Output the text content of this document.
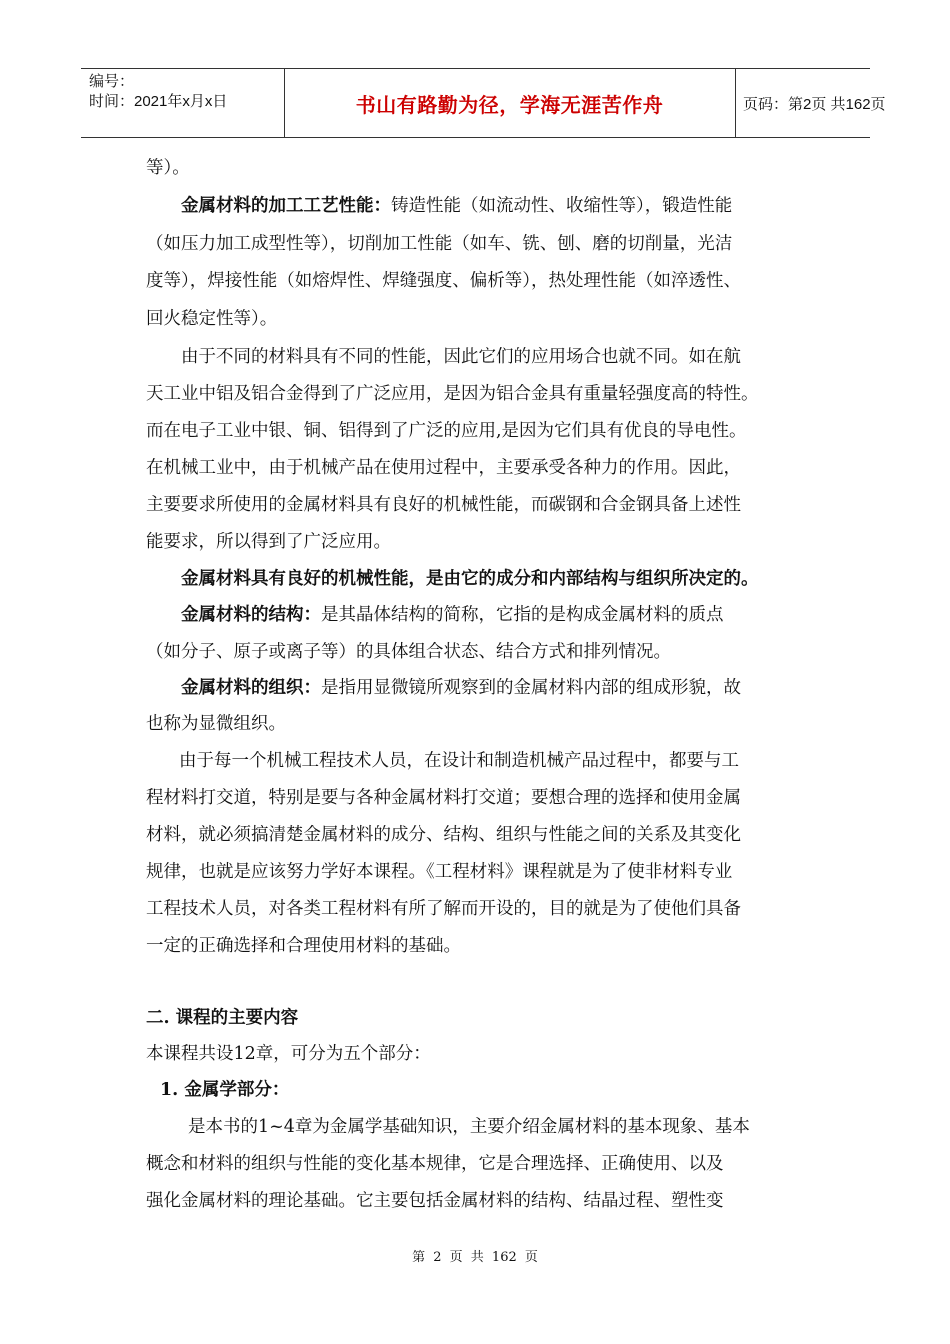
编号：
时间：2021年x月x日	书山有路勤为径，学海无涯苦作舟	页码：第2页 共162页
等）。
金属材料的加工工艺性能：铸造性能（如流动性、收缩性等），锻造性能
（如压力加工成型性等），切削加工性能（如车、铣、刨、磨的切削量，光洁
度等），焊接性能（如熔焊性、焊缝强度、偏析等），热处理性能（如淬透性、
回火稳定性等）。
由于不同的材料具有不同的性能，因此它们的应用场合也就不同。如在航
天工业中铝及铝合金得到了广泛应用，是因为铝合金具有重量轻强度高的特性。
而在电子工业中银、铜、铝得到了广泛的应用,是因为它们具有优良的导电性。
在机械工业中，由于机械产品在使用过程中，主要承受各种力的作用。因此，
主要要求所使用的金属材料具有良好的机械性能，而碳钢和合金钢具备上述性
能要求，所以得到了广泛应用。
金属材料具有良好的机械性能，是由它的成分和内部结构与组织所决定的。
金属材料的结构：是其晶体结构的简称，它指的是构成金属材料的质点
（如分子、原子或离子等）的具体组合状态、结合方式和排列情况。
金属材料的组织：是指用显微镜所观察到的金属材料内部的组成形貌，故
也称为显微组织。
由于每一个机械工程技术人员，在设计和制造机械产品过程中，都要与工
程材料打交道，特别是要与各种金属材料打交道；要想合理的选择和使用金属
材料，就必须搞清楚金属材料的成分、结构、组织与性能之间的关系及其变化
规律，也就是应该努力学好本课程。《工程材料》课程就是为了使非材料专业
工程技术人员，对各类工程材料有所了解而开设的，目的就是为了使他们具备
一定的正确选择和合理使用材料的基础。
二. 课程的主要内容
本课程共设12章，可分为五个部分：
1. 金属学部分：
是本书的1~4章为金属学基础知识，主要介绍金属材料的基本现象、基本
概念和材料的组织与性能的变化基本规律，它是合理选择、正确使用、以及
强化金属材料的理论基础。它主要包括金属材料的结构、结晶过程、塑性变
第 2 页 共 162 页
